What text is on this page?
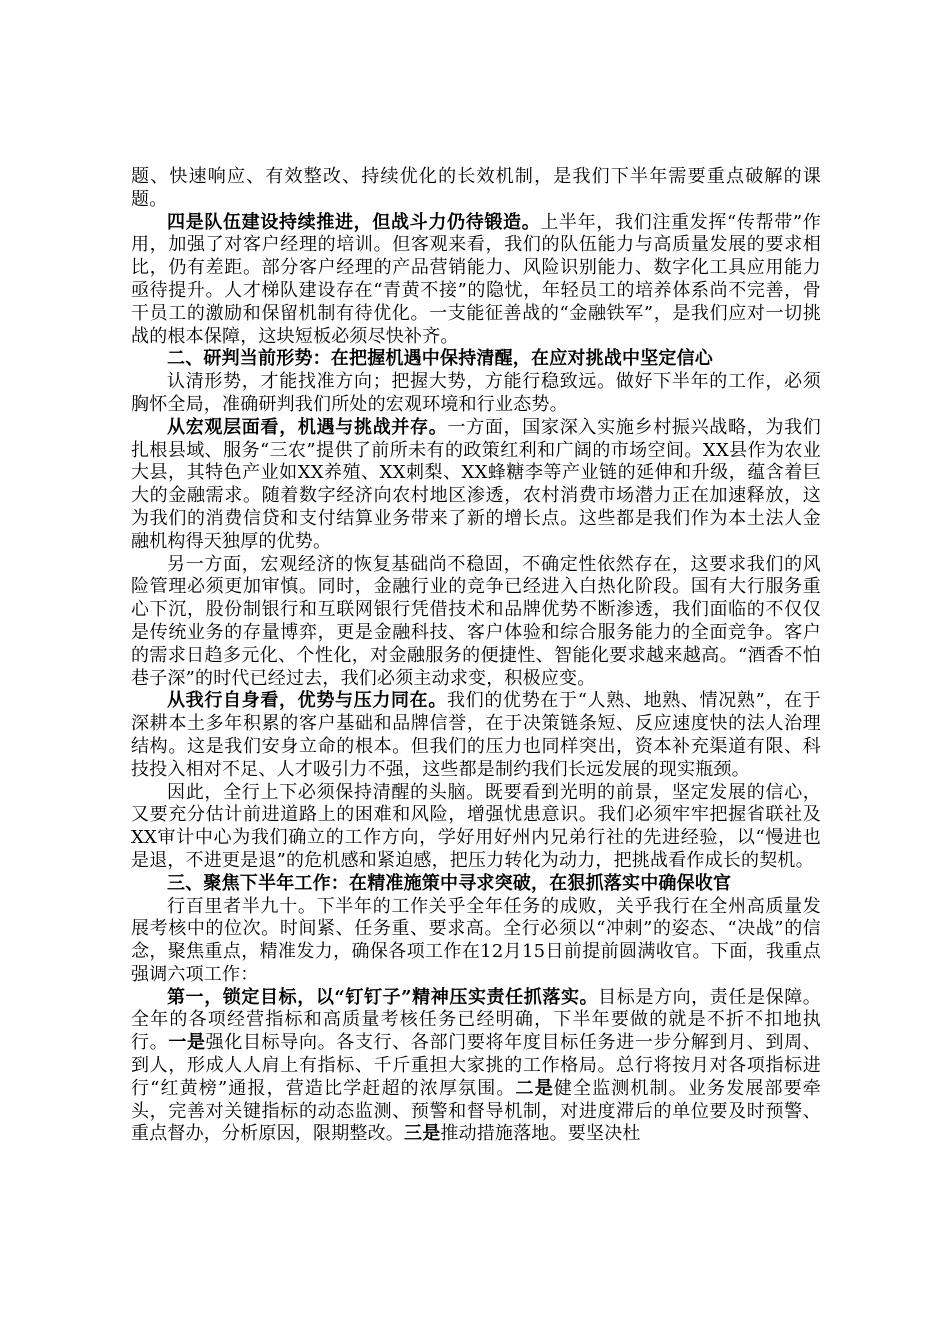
题、快速响应、有效整改、持续优化的长效机制，是我们下半年需要重点破解的课题。

四是队伍建设持续推进，但战斗力仍待锻造。上半年，我们注重发挥“传帮带”作用，加强了对客户经理的培训。但客观来看，我们的队伍能力与高质量发展的要求相比，仍有差距。部分客户经理的产品营销能力、风险识别能力、数字化工具应用能力亟待提升。人才梯队建设存在“青黄不接”的隐忧，年轻员工的培养体系尚不完善，骨干员工的激励和保留机制有待优化。一支能征善战的“金融铁军”，是我们应对一切挑战的根本保障，这块短板必须尽快补齐。

二、研判当前形势：在把握机遇中保持清醒，在应对挑战中坚定信心

认清形势，才能找准方向；把握大势，方能行稳致远。做好下半年的工作，必须胸怀全局，准确研判我们所处的宏观环境和行业态势。

从宏观层面看，机遇与挑战并存。一方面，国家深入实施乡村振兴战略，为我们扎根县域、服务“三农”提供了前所未有的政策红利和广阔的市场空间。XX县作为农业大县，其特色产业如XX养殖、XX刺梨、XX蜂糖李等产业链的延伸和升级，蕴含着巨大的金融需求。随着数字经济向农村地区渗透，农村消费市场潜力正在加速释放，这为我们的消费信贷和支付结算业务带来了新的增长点。这些都是我们作为本土法人金融机构得天独厚的优势。

另一方面，宏观经济的恢复基础尚不稳固，不确定性依然存在，这要求我们的风险管理必须更加审慎。同时，金融行业的竞争已经进入白热化阶段。国有大行服务重心下沉，股份制银行和互联网银行凭借技术和品牌优势不断渗透，我们面临的不仅仅是传统业务的存量博弈，更是金融科技、客户体验和综合服务能力的全面竞争。客户的需求日趋多元化、个性化，对金融服务的便捷性、智能化要求越来越高。“酒香不怕巷子深”的时代已经过去，我们必须主动求变，积极应变。

从我行自身看，优势与压力同在。我们的优势在于“人熟、地熟、情况熟”，在于深耕本土多年积累的客户基础和品牌信誉，在于决策链条短、反应速度快的法人治理结构。这是我们安身立命的根本。但我们的压力也同样突出，资本补充渠道有限、科技投入相对不足、人才吸引力不强，这些都是制约我们长远发展的现实瓶颈。

因此，全行上下必须保持清醒的头脑。既要看到光明的前景，坚定发展的信心，又要充分估计前进道路上的困难和风险，增强忧患意识。我们必须牢牢把握省联社及XX审计中心为我们确立的工作方向，学好用好州内兄弟行社的先进经验，以“慢进也是退，不进更是退”的危机感和紧迫感，把压力转化为动力，把挑战看作成长的契机。

三、聚焦下半年工作：在精准施策中寻求突破，在狠抓落实中确保收官

行百里者半九十。下半年的工作关乎全年任务的成败，关乎我行在全州高质量发展考核中的位次。时间紧、任务重、要求高。全行必须以“冲刺”的姿态、“决战”的信念，聚焦重点，精准发力，确保各项工作在12月15日前提前圆满收官。下面，我重点强调六项工作：

第一，锁定目标，以“钉钉子”精神压实责任抓落实。目标是方向，责任是保障。全年的各项经营指标和高质量考核任务已经明确，下半年要做的就是不折不扣地执行。一是强化目标导向。各支行、各部门要将年度目标任务进一步分解到月、到周、到人，形成人人肩上有指标、千斤重担大家挑的工作格局。总行将按月对各项指标进行“红黄榜”通报，营造比学赶超的浓厚氛围。二是健全监测机制。业务发展部要牵头，完善对关键指标的动态监测、预警和督导机制，对进度滞后的单位要及时预警、重点督办，分析原因，限期整改。三是推动措施落地。要坚决杜
